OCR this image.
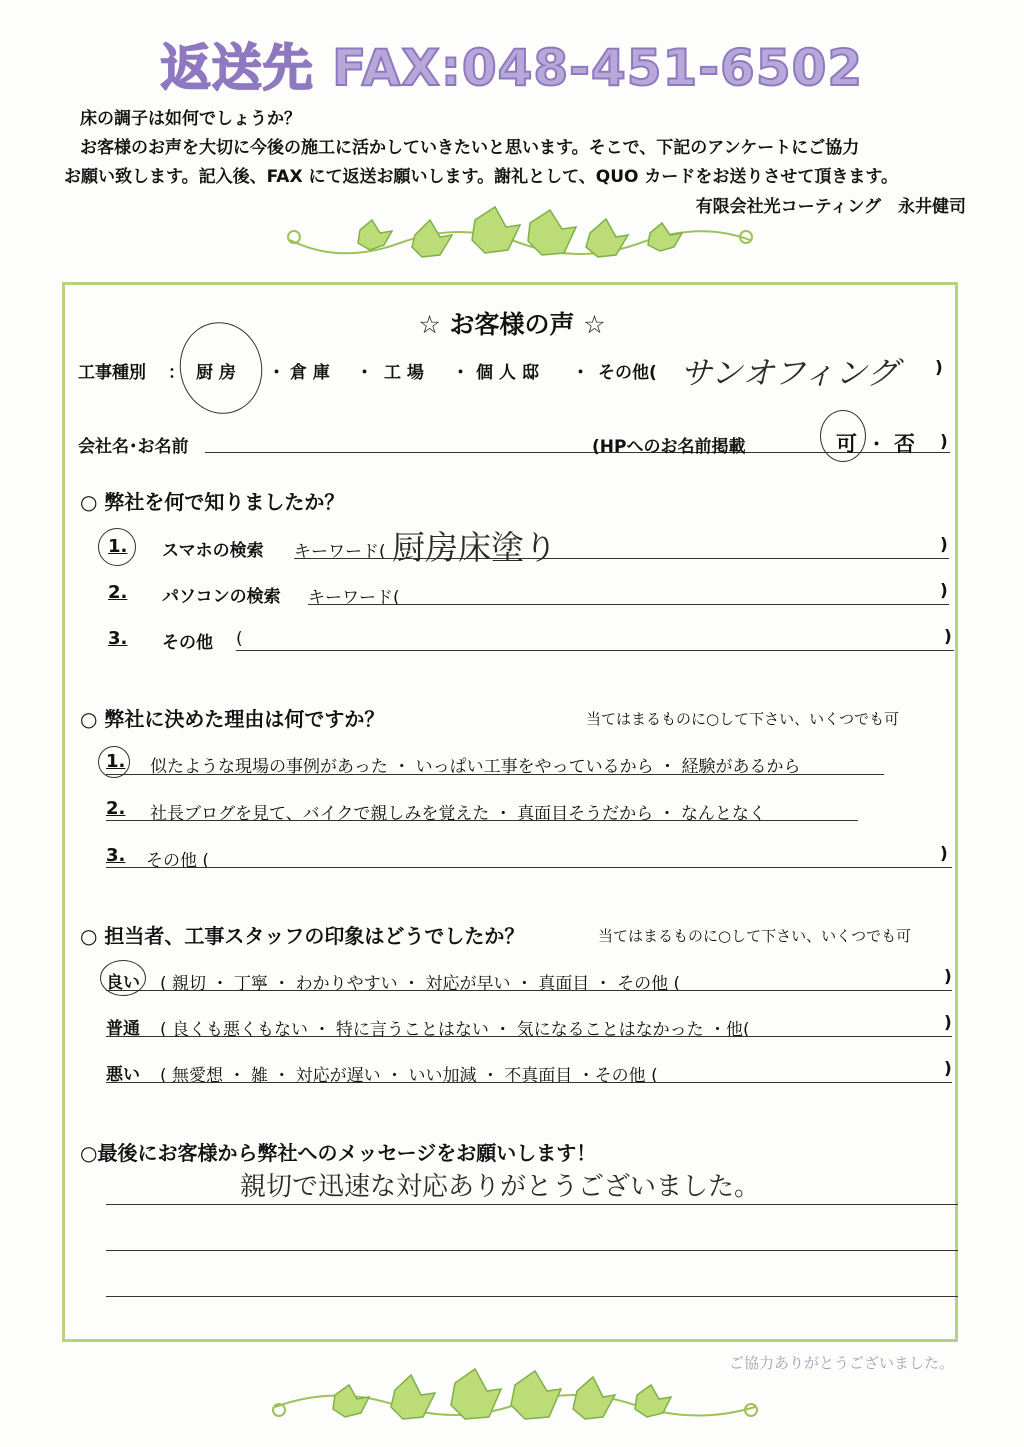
返送先 FAX:048-451-6502
床の調子は如何でしょうか？
お客様のお声を大切に今後の施工に活かしていきたいと思います。そこで、下記のアンケートにご協力
お願い致します。記入後、FAX にて返送お願いします。謝礼として、QUO カードをお送りさせて頂きます。
有限会社光コーティング　永井健司
☆ お客様の声 ☆
工事種別 ： 厨 房 ・ 倉 庫 ・ 工 場 ・ 個 人 邸 ・ その他( サンオフィング )
会社名･お名前	(HPへのお名前掲載	可 ・ 否 )
○ 弊社を何で知りましたか？
1. スマホの検索 キーワード( 厨房床塗り	)
2. パソコンの検索 キーワード(	)
3. その他 (	)
○ 弊社に決めた理由は何ですか？	当てはまるものに○して下さい、いくつでも可
1. 似たような現場の事例があった ・ いっぱい工事をやっているから ・ 経験があるから
2. 社長ブログを見て、バイクで親しみを覚えた ・ 真面目そうだから ・ なんとなく
3. その他 (	)
○ 担当者、工事スタッフの印象はどうでしたか？	当てはまるものに○して下さい、いくつでも可
良い ( 親切 ・ 丁寧 ・ わかりやすい ・ 対応が早い ・ 真面目 ・ その他 (	)
普通 ( 良くも悪くもない ・ 特に言うことはない ・ 気になることはなかった ・他(	)
悪い ( 無愛想 ・ 雑 ・ 対応が遅い ・ いい加減 ・ 不真面目 ・その他 (	)
○最後にお客様から弊社へのメッセージをお願いします！
親切で迅速な対応ありがとうございました。
ご協力ありがとうございました。
